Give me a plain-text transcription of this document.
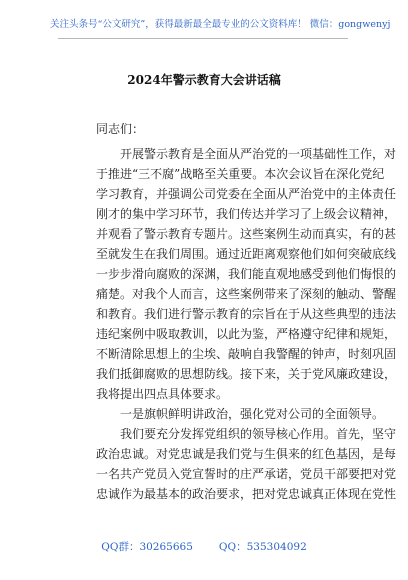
关注头条号“公文研究”，获得最新最全最专业的公文资料库！ 微信：gongwenyj
2024年警示教育大会讲话稿
同志们：
开展警示教育是全面从严治党的一项基础性工作，对
于推进“三不腐”战略至关重要。本次会议旨在深化党纪
学习教育，并强调公司党委在全面从严治党中的主体责任
刚才的集中学习环节，我们传达并学习了上级会议精神，
并观看了警示教育专题片。这些案例生动而真实，有的甚
至就发生在我们周围。通过近距离观察他们如何突破底线
一步步滑向腐败的深渊，我们能直观地感受到他们悔恨的
痛楚。对我个人而言，这些案例带来了深刻的触动、警醒
和教育。我们进行警示教育的宗旨在于从这些典型的违法
违纪案例中吸取教训，以此为鉴，严格遵守纪律和规矩，
不断清除思想上的尘埃、敲响自我警醒的钟声，时刻巩固
我们抵御腐败的思想防线。接下来，关于党风廉政建设，
我将提出四点具体要求。
一是旗帜鲜明讲政治，强化党对公司的全面领导。
我们要充分发挥党组织的领导核心作用。首先，坚守
政治忠诚。对党忠诚是我们党与生俱来的红色基因，是每
一名共产党员入党宣誓时的庄严承诺，党员干部要把对党
忠诚作为最基本的政治要求，把对党忠诚真正体现在党性
QQ群：30265665 QQ：535304092
